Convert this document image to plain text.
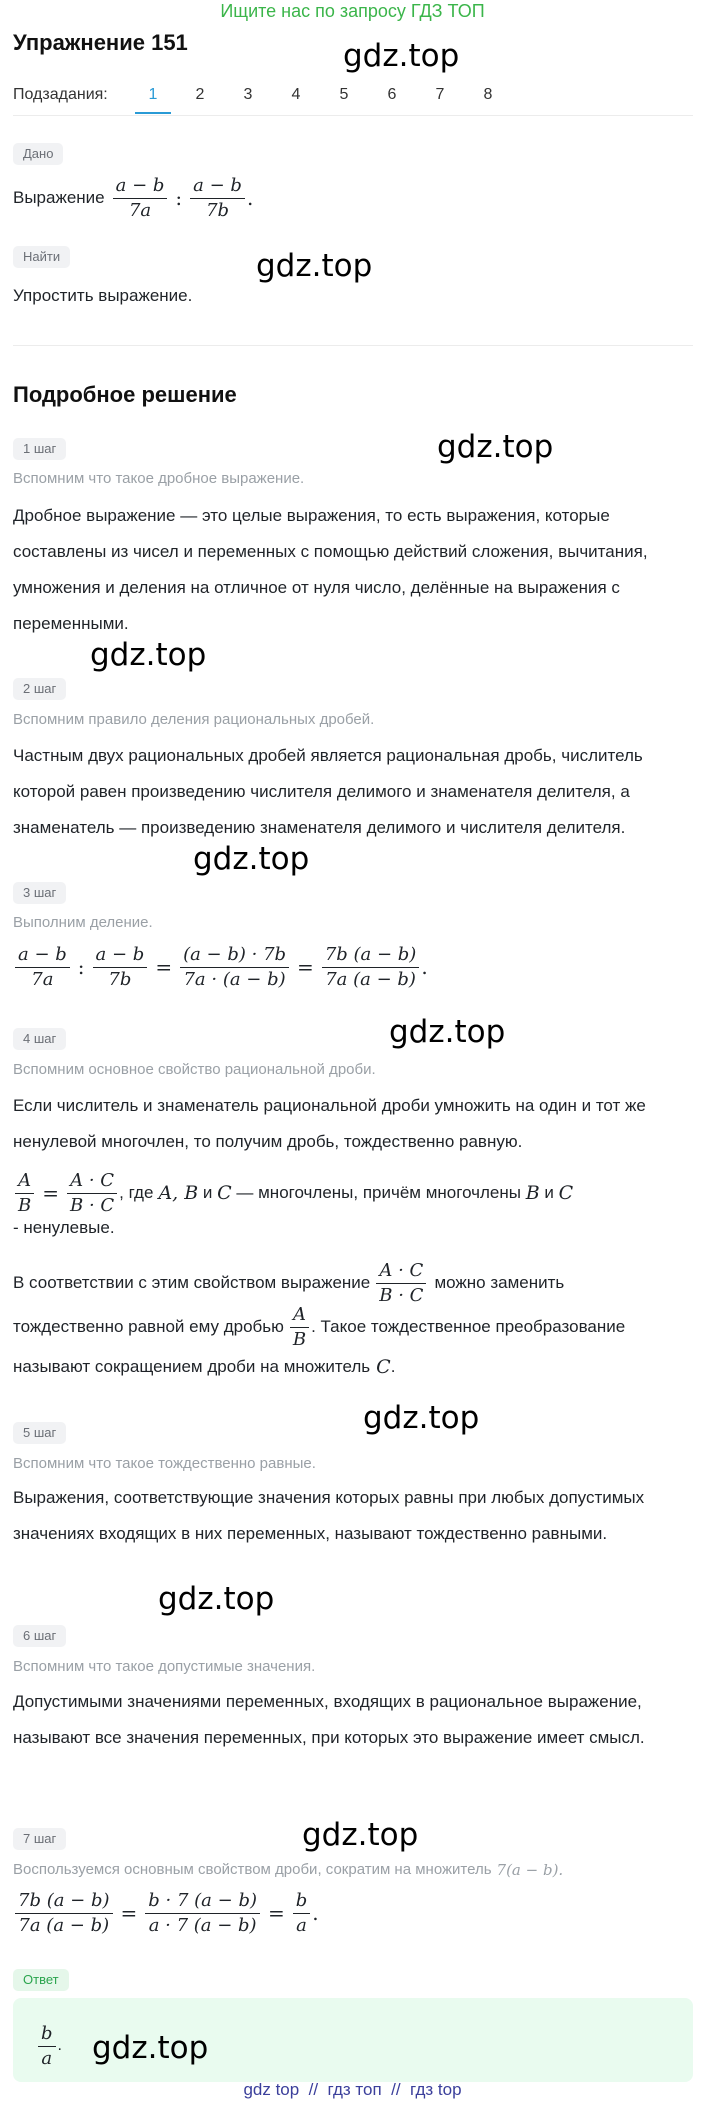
Ищите нас по запросу ГДЗ ТОП
Упражнение 151	gdz.top
Подзадания:	1	2	3	4	5	6	7	8
Дано
Выражение $\frac{a - b}{7a}$ : $\frac{a - b}{7b}$ .
Найти	gdz.top
Упростить выражение.
Подробное решение
1 шаг	gdz.top
Вспомним что такое дробное выражение.
Дробное выражение — это целые выражения, то есть выражения, которые составлены из чисел и переменных с помощью действий сложения, вычитания, умножения и деления на отличное от нуля число, делённые на выражения с переменными.
gdz.top
2 шаг
Вспомним правило деления рациональных дробей.
Частным двух рациональных дробей является рациональная дробь, числитель которой равен произведению числителя делимого и знаменателя делителя, а знаменатель — произведению знаменателя делимого и числителя делителя.
gdz.top
3 шаг
Выполним деление.
$\frac{a - b}{7a}$ : $\frac{a - b}{7b} = \frac{(a - b) \cdot 7b}{7a \cdot (a - b)} = \frac{7b (a - b)}{7a (a - b)}$ .
4 шаг	gdz.top
Вспомним основное свойство рациональной дроби.
Если числитель и знаменатель рациональной дроби умножить на один и тот же ненулевой многочлен, то получим дробь, тождественно равную.
$\frac{A}{B} = \frac{A \cdot C}{B \cdot C}$ , где A, B и C — многочлены, причём многочлены B и C
- ненулевые.
В соответствии с этим свойством выражение $\frac{A \cdot C}{B \cdot C}$ можно заменить
тождественно равной ему дробью $\frac{A}{B}$ . Такое тождественное преобразование
называют сокращением дроби на множитель C .
gdz.top
5 шаг
Вспомним что такое тождественно равные.
Выражения, соответствующие значения которых равны при любых допустимых значениях входящих в них переменных, называют тождественно равными.
gdz.top
6 шаг
Вспомним что такое допустимые значения.
Допустимыми значениями переменных, входящих в рациональное выражение, называют все значения переменных, при которых это выражение имеет смысл.
gdz.top
7 шаг
Воспользуемся основным свойством дроби, сократим на множитель 7(a − b).
$\frac{7b (a - b)}{7a (a - b)} = \frac{b \cdot 7 (a - b)}{a \cdot 7 (a - b)} = \frac{b}{a}$ .
Ответ
$\frac{b}{a}$ . gdz.top
gdz top  //  гдз топ  //  гдз top
